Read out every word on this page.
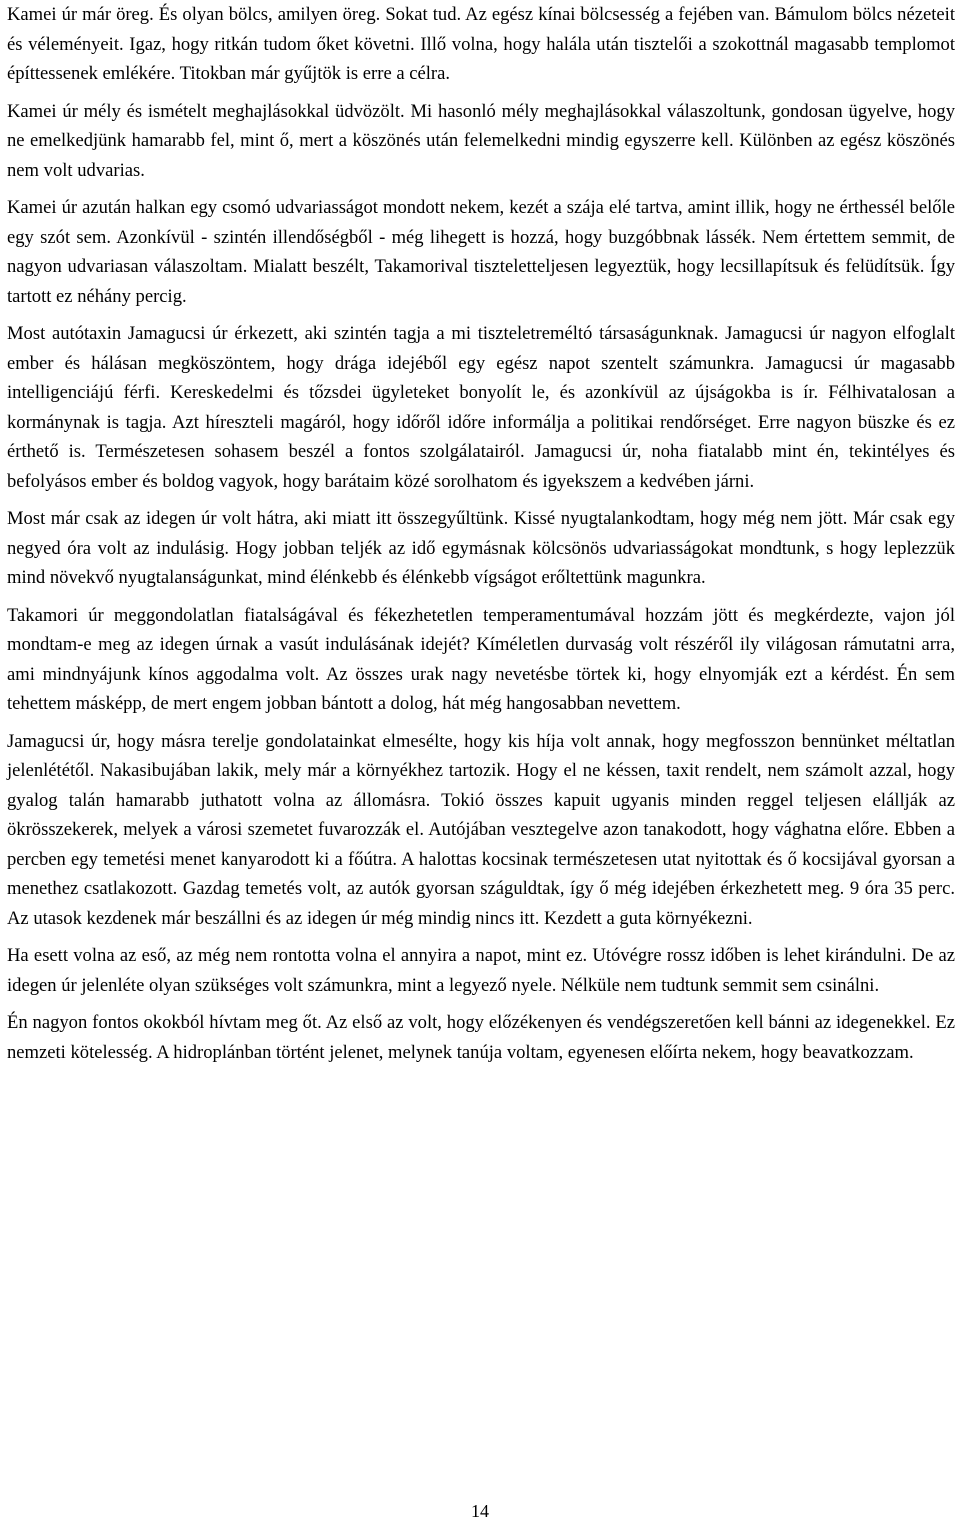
Kamei úr már öreg. És olyan bölcs, amilyen öreg. Sokat tud. Az egész kínai bölcsesség a fejében van. Bámulom bölcs nézeteit és véleményeit. Igaz, hogy ritkán tudom őket követni. Illő volna, hogy halála után tisztelői a szokottnál magasabb templomot építtessenek emlékére. Titokban már gyűjtök is erre a célra.

Kamei úr mély és ismételt meghajlásokkal üdvözölt. Mi hasonló mély meghajlásokkal válaszoltunk, gondosan ügyelve, hogy ne emelkedjünk hamarabb fel, mint ő, mert a köszönés után felemelkedni mindig egyszerre kell. Különben az egész köszönés nem volt udvarias.

Kamei úr azután halkan egy csomó udvariasságot mondott nekem, kezét a szája elé tartva, amint illik, hogy ne érthessél belőle egy szót sem. Azonkívül - szintén illendőségből - még lihegett is hozzá, hogy buzgóbbnak lássék. Nem értettem semmit, de nagyon udvariasan válaszoltam. Mialatt beszélt, Takamorival tiszteletteljesen legyeztük, hogy lecsillapítsuk és felüdítsük. Így tartott ez néhány percig.

Most autótaxin Jamagucsi úr érkezett, aki szintén tagja a mi tiszteletreméltó társaságunknak. Jamagucsi úr nagyon elfoglalt ember és hálásan megköszöntem, hogy drága idejéből egy egész napot szentelt számunkra. Jamagucsi úr magasabb intelligenciájú férfi. Kereskedelmi és tőzsdei ügyleteket bonyolít le, és azonkívül az újságokba is ír. Félhivatalosan a kormánynak is tagja. Azt híreszteli magáról, hogy időről időre informálja a politikai rendőrséget. Erre nagyon büszke és ez érthető is. Természetesen sohasem beszél a fontos szolgálatairól. Jamagucsi úr, noha fiatalabb mint én, tekintélyes és befolyásos ember és boldog vagyok, hogy barátaim közé sorolhatom és igyekszem a kedvében járni.

Most már csak az idegen úr volt hátra, aki miatt itt összegyűltünk. Kissé nyugtalankodtam, hogy még nem jött. Már csak egy negyed óra volt az indulásig. Hogy jobban teljék az idő egymásnak kölcsönös udvariasságokat mondtunk, s hogy leplezzük mind növekvő nyugtalanságunkat, mind élénkebb és élénkebb vígságot erőltettünk magunkra.

Takamori úr meggondolatlan fiatalságával és fékezhetetlen temperamentumával hozzám jött és megkérdezte, vajon jól mondtam-e meg az idegen úrnak a vasút indulásának idejét? Kíméletlen durvaság volt részéről ily világosan rámutatni arra, ami mindnyájunk kínos aggodalma volt. Az összes urak nagy nevetésbe törtek ki, hogy elnyomják ezt a kérdést. Én sem tehettem másképp, de mert engem jobban bántott a dolog, hát még hangosabban nevettem.

Jamagucsi úr, hogy másra terelje gondolatainkat elmesélte, hogy kis híja volt annak, hogy megfosszon bennünket méltatlan jelenlététől. Nakasibujában lakik, mely már a környékhez tartozik. Hogy el ne késsen, taxit rendelt, nem számolt azzal, hogy gyalog talán hamarabb juthatott volna az állomásra. Tokió összes kapuit ugyanis minden reggel teljesen elállják az ökrösszekerek, melyek a városi szemetet fuvarozzák el. Autójában vesztegelve azon tanakodott, hogy vághatna előre. Ebben a percben egy temetési menet kanyarodott ki a főútra. A halottas kocsinak természetesen utat nyitottak és ő kocsijával gyorsan a menethez csatlakozott. Gazdag temetés volt, az autók gyorsan száguldtak, így ő még idejében érkezhetett meg. 9 óra 35 perc. Az utasok kezdenek már beszállni és az idegen úr még mindig nincs itt. Kezdett a guta környékezni.

Ha esett volna az eső, az még nem rontotta volna el annyira a napot, mint ez. Utóvégre rossz időben is lehet kirándulni. De az idegen úr jelenléte olyan szükséges volt számunkra, mint a legyező nyele. Nélküle nem tudtunk semmit sem csinálni.

Én nagyon fontos okokból hívtam meg őt. Az első az volt, hogy előzékenyen és vendégszeretően kell bánni az idegenekkel. Ez nemzeti kötelesség. A hidroplánban történt jelenet, melynek tanúja voltam, egyenesen előírta nekem, hogy beavatkozzam.

14
